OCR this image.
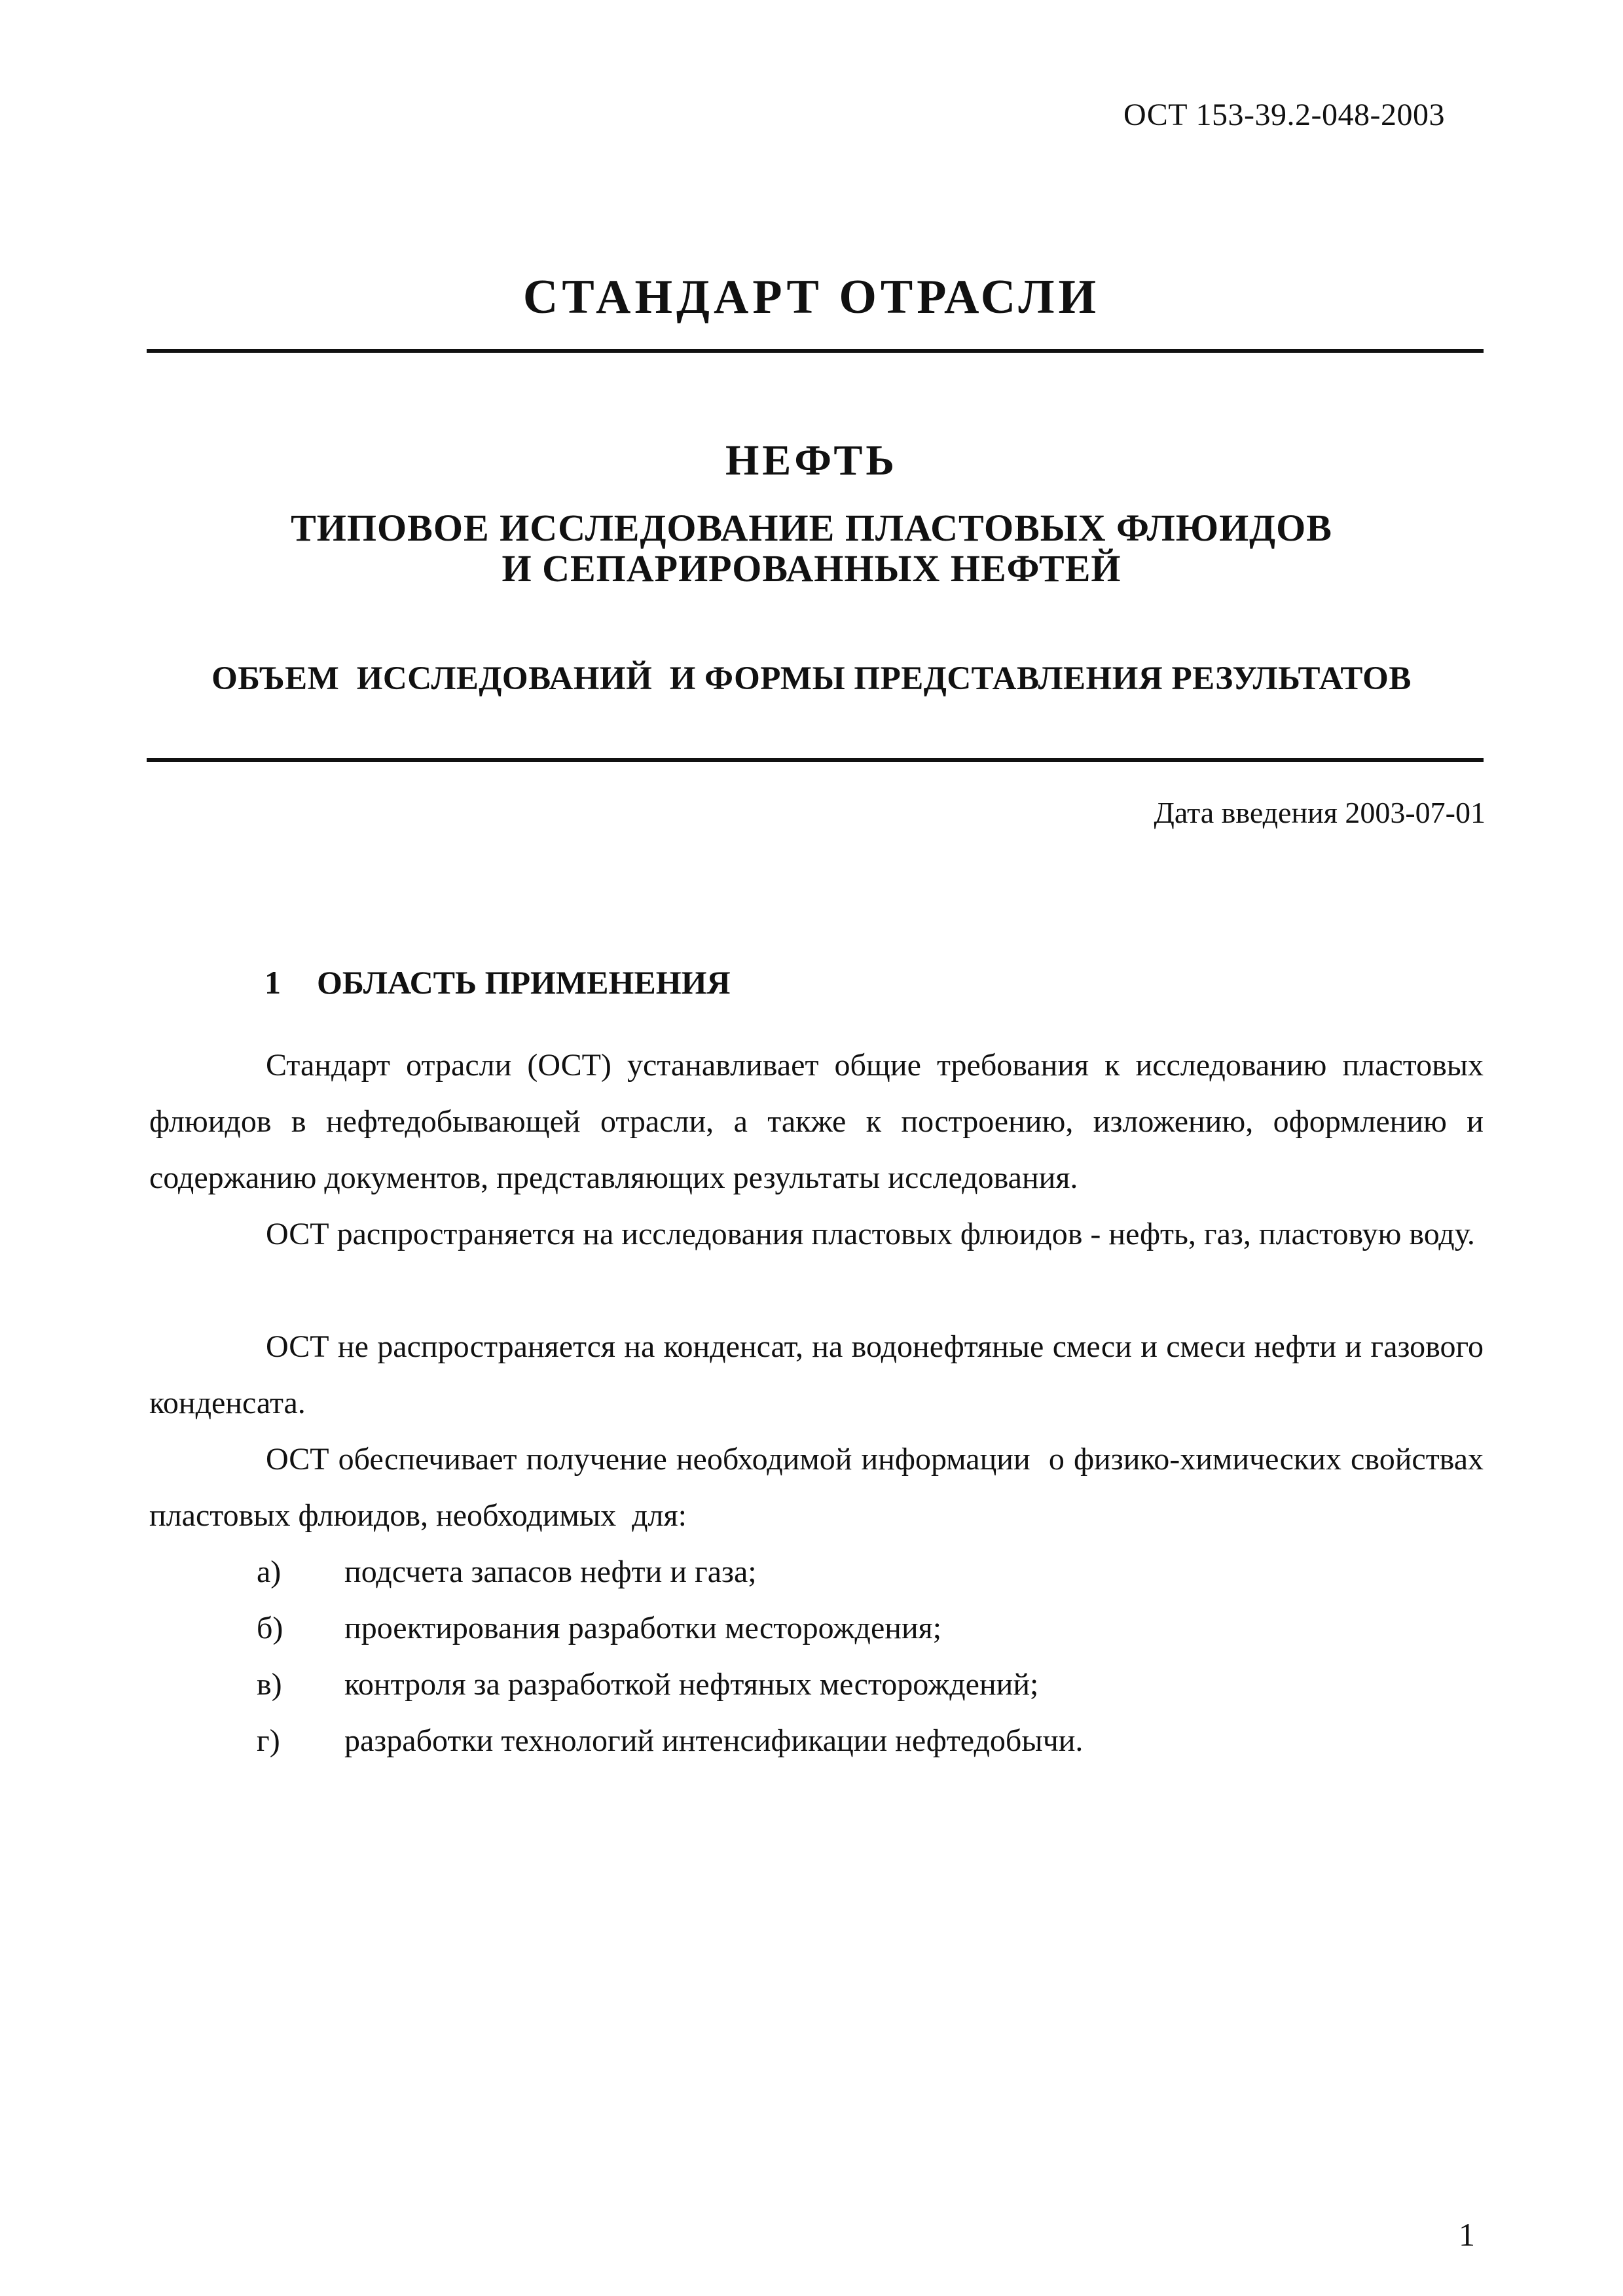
ОСТ 153-39.2-048-2003
СТАНДАРТ ОТРАСЛИ
НЕФТЬ
ТИПОВОЕ ИССЛЕДОВАНИЕ ПЛАСТОВЫХ ФЛЮИДОВ
И СЕПАРИРОВАННЫХ НЕФТЕЙ
ОБЪЕМ  ИССЛЕДОВАНИЙ  И ФОРМЫ ПРЕДСТАВЛЕНИЯ РЕЗУЛЬТАТОВ
Дата введения 2003-07-01
1 ОБЛАСТЬ ПРИМЕНЕНИЯ
Стандарт отрасли (ОСТ) устанавливает общие требования к исследованию пластовых флюидов в нефтедобывающей отрасли, а также к построению, изложению, оформлению и содержанию документов, представляющих результаты исследования.
ОСТ распространяется на исследования пластовых флюидов - нефть, газ, пластовую воду.
ОСТ не распространяется на конденсат, на водонефтяные смеси и смеси нефти и газового конденсата.
ОСТ обеспечивает получение необходимой информации  о физико-химических свойствах пластовых флюидов, необходимых  для:
а) подсчета запасов нефти и газа;
б) проектирования разработки месторождения;
в) контроля за разработкой нефтяных месторождений;
г) разработки технологий интенсификации нефтедобычи.
1
